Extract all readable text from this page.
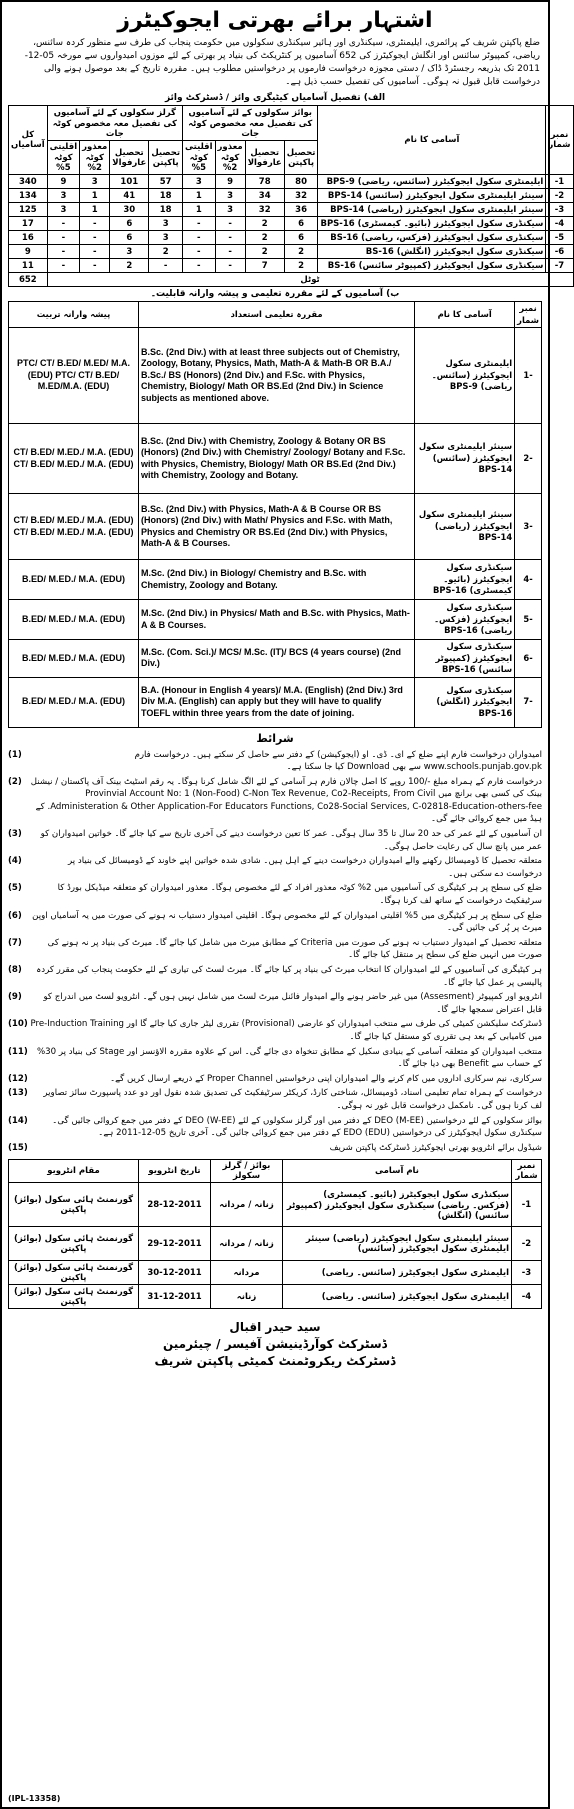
اشتہار برائے بھرتی ایجوکیٹرز
ضلع پاکپتن شریف کے پرائمری، ایلیمنٹری، سیکنڈری اور ہائیر سیکنڈری سکولوں میں حکومت پنجاب کی طرف سے منظور کردہ سائنس، ریاضی، کمپیوٹر سائنس اور انگلش ایجوکیٹرز کی 652 آسامیوں پر کنٹریکٹ کی بنیاد پر بھرتی کے لئے موزوں امیدواروں سے مورخہ 05-12-2011 تک بذریعہ رجسٹرڈ ڈاک / دستی مجوزہ درخواست فارموں پر درخواستیں مطلوب ہیں۔ مقررہ تاریخ کے بعد موصول ہونے والی درخواست قابل قبول نہ ہوگی۔ آسامیوں کی تفصیل حسب ذیل ہے۔
الف) تفصیل آسامیاں کیٹیگری وائز / ڈسٹرکٹ وائز
نمبر شمار	آسامی کا نام	بوائز سکولوں کے لئے آسامیوں کی تفصیل معہ مخصوص کوٹہ جات				گرلز سکولوں کے لئے آسامیوں کی تفصیل معہ مخصوص کوٹہ جات				کل آسامیاں
		تحصیل پاکپتن	تحصیل عارفوالا	معذور کوٹہ 2%	اقلیتی کوٹہ 5%	تحصیل پاکپتن	تحصیل عارفوالا	معذور کوٹہ 2%	اقلیتی کوٹہ 5%	
1-	ایلیمنٹری سکول ایجوکیٹرز (سائنس، ریاضی) BPS-9	80	78	9	3	57	101	3	9	340
2-	سینئر ایلیمنٹری سکول ایجوکیٹرز (سائنس) BPS-14	32	34	3	1	18	41	1	3	134
3-	سینئر ایلیمنٹری سکول ایجوکیٹرز (ریاضی) BPS-14	36	32	3	1	18	30	1	3	125
4-	سیکنڈری سکول ایجوکیٹرز (بائیو۔ کیمسٹری) BPS-16	6	2	-	-	3	6	-	-	17
5-	سیکنڈری سکول ایجوکیٹرز (فزکس، ریاضی) BS-16	6	2	-	-	3	6	-	-	16
6-	سیکنڈری سکول ایجوکیٹرز (انگلش) BS-16	2	2	-	-	2	3	-	-	9
7-	سیکنڈری سکول ایجوکیٹرز (کمپیوٹر سائنس) BS-16	2	7	-	-	-	2	-	-	11
ٹوٹل										652
ب) آسامیوں کے لئے مقررہ تعلیمی و پیشہ وارانہ قابلیت۔
پیشہ وارانہ تربیت	مقررہ تعلیمی استعداد	آسامی کا نام	نمبر شمار
PTC/ CT/ B.ED/ M.ED/ M.A. (EDU) PTC/ CT/ B.ED/ M.ED/M.A. (EDU)	B.Sc. (2nd Div.) with at least three subjects out of Chemistry, Zoology, Botany, Physics, Math, Math-A & Math-B OR B.A./ B.Sc./ BS (Honors) (2nd Div.) and F.Sc. with Physics, Chemistry, Biology/ Math OR BS.Ed (2nd Div.) in Science subjects as mentioned above.	ایلیمنٹری سکول ایجوکیٹرز (سائنس۔ ریاضی) BPS-9	1-
CT/ B.ED/ M.ED./ M.A. (EDU) CT/ B.ED/ M.ED./ M.A. (EDU)	B.Sc. (2nd Div.) with Chemistry, Zoology & Botany OR BS (Honors) (2nd Div.) with Chemistry/ Zoology/ Botany and F.Sc. with Physics, Chemistry, Biology/ Math OR BS.Ed (2nd Div.) with Chemistry, Zoology and Botany.	سینئر ایلیمنٹری سکول ایجوکیٹرز (سائنس) BPS-14	2-
CT/ B.ED/ M.ED./ M.A. (EDU) CT/ B.ED/ M.ED./ M.A. (EDU)	B.Sc. (2nd Div.) with Physics, Math-A & B Course OR BS (Honors) (2nd Div.) with Math/ Physics and F.Sc. with Math, Physics and Chemistry OR BS.Ed (2nd Div.) with Physics, Math-A & B Courses.	سینئر ایلیمنٹری سکول ایجوکیٹرز (ریاضی) BPS-14	3-
B.ED/ M.ED./ M.A. (EDU)	M.Sc. (2nd Div.) in Biology/ Chemistry and B.Sc. with Chemistry, Zoology and Botany.	سیکنڈری سکول ایجوکیٹرز (بائیو۔ کیمسٹری) BPS-16	4-
B.ED/ M.ED./ M.A. (EDU)	M.Sc. (2nd Div.) in Physics/ Math and B.Sc. with Physics, Math-A & B Courses.	سیکنڈری سکول ایجوکیٹرز (فزکس۔ ریاضی) BPS-16	5-
B.ED/ M.ED./ M.A. (EDU)	M.Sc. (Com. Sci.)/ MCS/ M.Sc. (IT)/ BCS (4 years course) (2nd Div.)	سیکنڈری سکول ایجوکیٹرز (کمپیوٹر سائنس) BPS-16	6-
B.ED/ M.ED./ M.A. (EDU)	B.A. (Honour in English 4 years)/ M.A. (English) (2nd Div.) 3rd Div M.A. (English) can apply but they will have to qualify TOEFL within three years from the date of joining.	سیکنڈری سکول ایجوکیٹرز (انگلش) BPS-16	7-
شرائط
(1)	امیدواران درخواست فارم اپنے ضلع کے ای۔ ڈی۔ او (ایجوکیشن) کے دفتر سے حاصل کر سکتے ہیں۔ درخواست فارم www.schools.punjab.gov.pk سے بھی Download کیا جا سکتا ہے۔
(2)	درخواست فارم کے ہمراہ مبلغ -/100 روپے کا اصل چالان فارم ہر آسامی کے لئے الگ شامل کرنا ہوگا۔ یہ رقم اسٹیٹ بینک آف پاکستان / نیشنل بینک کی کسی بھی برانچ میں Provinvial Account No: 1 (Non-Food) C-Non Tex Revenue, Co2-Receipts, From Civil Administeration & Other Application-For Educators Functions, Co28-Social Services, C-02818-Education-others-fee. کے ہیڈ میں جمع کروائی جائے گی۔
(3)	ان آسامیوں کے لئے عمر کی حد 20 سال تا 35 سال ہوگی۔ عمر کا تعین درخواست دینے کی آخری تاریخ سے کیا جائے گا۔ خواتین امیدواران کو عمر میں پانچ سال کی رعایت حاصل ہوگی۔
(4)	متعلقہ تحصیل کا ڈومیسائل رکھنے والے امیدواران درخواست دینے کے اہل ہیں۔ شادی شدہ خواتین اپنے خاوند کے ڈومیسائل کی بنیاد پر درخواست دے سکتی ہیں۔
(5)	ضلع کی سطح پر ہر کیٹیگری کی آسامیوں میں 2% کوٹہ معذور افراد کے لئے مخصوص ہوگا۔ معذور امیدواران کو متعلقہ میڈیکل بورڈ کا سرٹیفکیٹ درخواست کے ساتھ لف کرنا ہوگا۔
(6)	ضلع کی سطح پر ہر کیٹیگری میں 5% اقلیتی امیدواران کے لئے مخصوص ہوگا۔ اقلیتی امیدوار دستیاب نہ ہونے کی صورت میں یہ آسامیاں اوپن میرٹ پر پُر کی جائیں گی۔
(7)	متعلقہ تحصیل کے امیدوار دستیاب نہ ہونے کی صورت میں Criteria کے مطابق میرٹ میں شامل کیا جائے گا۔ میرٹ کی بنیاد پر نہ ہونے کی صورت میں انہیں ضلع کی سطح پر منتقل کیا جائے گا۔
(8)	ہر کیٹیگری کی آسامیوں کے لئے امیدواران کا انتخاب میرٹ کی بنیاد پر کیا جائے گا۔ میرٹ لسٹ کی تیاری کے لئے حکومت پنجاب کی مقرر کردہ پالیسی پر عمل کیا جائے گا۔
(9)	انٹرویو اور کمپیوٹر (Assesment) میں غیر حاضر ہونے والے امیدوار فائنل میرٹ لسٹ میں شامل نہیں ہوں گے۔ انٹرویو لسٹ میں اندراج کو قابل اعتراض سمجھا جائے گا۔
(10) ڈسٹرکٹ سلیکشن کمیٹی کی طرف سے منتخب امیدواران کو عارضی (Provisional) تقرری لیٹر جاری کیا جائے گا اور Pre-Induction Training میں کامیابی کے بعد ہی تقرری کو مستقل کیا جائے گا۔
(11)	منتخب امیدواران کو متعلقہ آسامی کے بنیادی سکیل کے مطابق تنخواہ دی جائے گی۔ اس کے علاوہ مقررہ الاؤنسز اور Stage کی بنیاد پر 30% کے حساب سے Benefit بھی دیا جائے گا۔
(12)	سرکاری، نیم سرکاری اداروں میں کام کرنے والے امیدواران اپنی درخواستیں Proper Channel کے ذریعے ارسال کریں گے۔
(13)	درخواست کے ہمراہ تمام تعلیمی اسناد، ڈومیسائل، شناختی کارڈ، کریکٹر سرٹیفکیٹ کی تصدیق شدہ نقول اور دو عدد پاسپورٹ سائز تصاویر لف کرنا ہوں گی۔ نامکمل درخواست قابل غور نہ ہوگی۔
(14)	بوائز سکولوں کے لئے درخواستیں DEO (M-EE) کے دفتر میں اور گرلز سکولوں کے لئے DEO (W-EE) کے دفتر میں جمع کروائی جائیں گی۔ سیکنڈری سکول ایجوکیٹرز کی درخواستیں EDO (EDU) کے دفتر میں جمع کروائی جائیں گی۔ آخری تاریخ 05-12-2011 ہے۔
(15)	شیڈول برائے انٹرویو بھرتی ایجوکیٹرز ڈسٹرکٹ پاکپتن شریف
نمبر شمار	نام آسامی	بوائز / گرلز سکولز	تاریخ انٹرویو	مقام انٹرویو
1-	سیکنڈری سکول ایجوکیٹرز (بائیو۔ کیمسٹری) (فزکس۔ ریاضی) سیکنڈری سکول ایجوکیٹرز (کمپیوٹر سائنس) (انگلش)	زنانہ / مردانہ	28-12-2011	گورنمنٹ ہائی سکول (بوائز) پاکپتن
2-	سینئر ایلیمنٹری سکول ایجوکیٹرز (ریاضی) سینئر ایلیمنٹری سکول ایجوکیٹرز (سائنس)	زنانہ / مردانہ	29-12-2011	گورنمنٹ ہائی سکول (بوائز) پاکپتن
3-	ایلیمنٹری سکول ایجوکیٹرز (سائنس۔ ریاضی)	مردانہ	30-12-2011	گورنمنٹ ہائی سکول (بوائز) پاکپتن
4-	ایلیمنٹری سکول ایجوکیٹرز (سائنس۔ ریاضی)	زنانہ	31-12-2011	گورنمنٹ ہائی سکول (بوائز) پاکپتن
سید حیدر اقبال
ڈسٹرکٹ کوآرڈینیشن آفیسر / چیئرمین
ڈسٹرکٹ ریکروٹمنٹ کمیٹی پاکپتن شریف
(IPL-13358)
